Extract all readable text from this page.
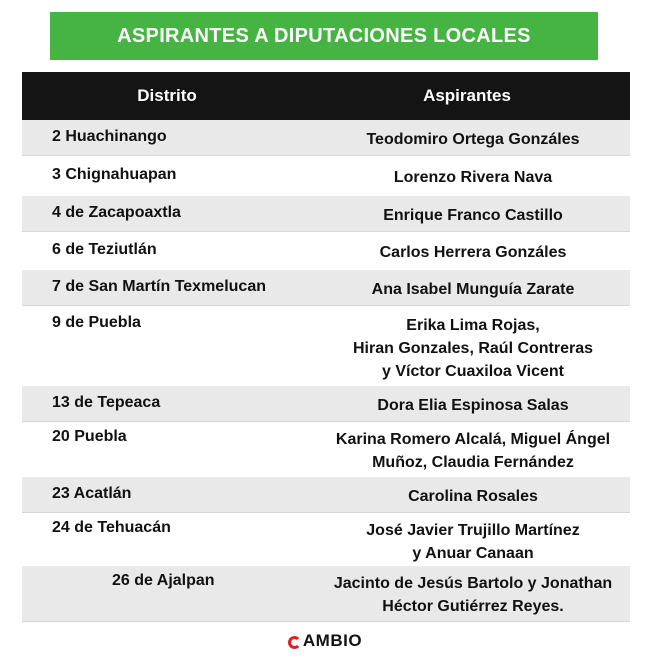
ASPIRANTES A DIPUTACIONES LOCALES
Distrito	Aspirantes
2 Huachinango	Teodomiro Ortega Gonzáles
3 Chignahuapan	Lorenzo Rivera Nava
4 de Zacapoaxtla	Enrique Franco Castillo
6 de Teziutlán	Carlos Herrera Gonzáles
7 de San Martín Texmelucan	Ana Isabel Munguía Zarate
9 de Puebla	Erika Lima Rojas,
Hiran Gonzales, Raúl Contreras
y Víctor Cuaxiloa Vicent
13 de Tepeaca	Dora Elia Espinosa Salas
20 Puebla	Karina Romero Alcalá, Miguel Ángel
Muñoz, Claudia Fernández
23 Acatlán	Carolina Rosales
24 de Tehuacán	José Javier Trujillo Martínez
y Anuar Canaan
26 de Ajalpan	Jacinto de Jesús Bartolo y Jonathan
Héctor Gutiérrez Reyes.
AMBIO
